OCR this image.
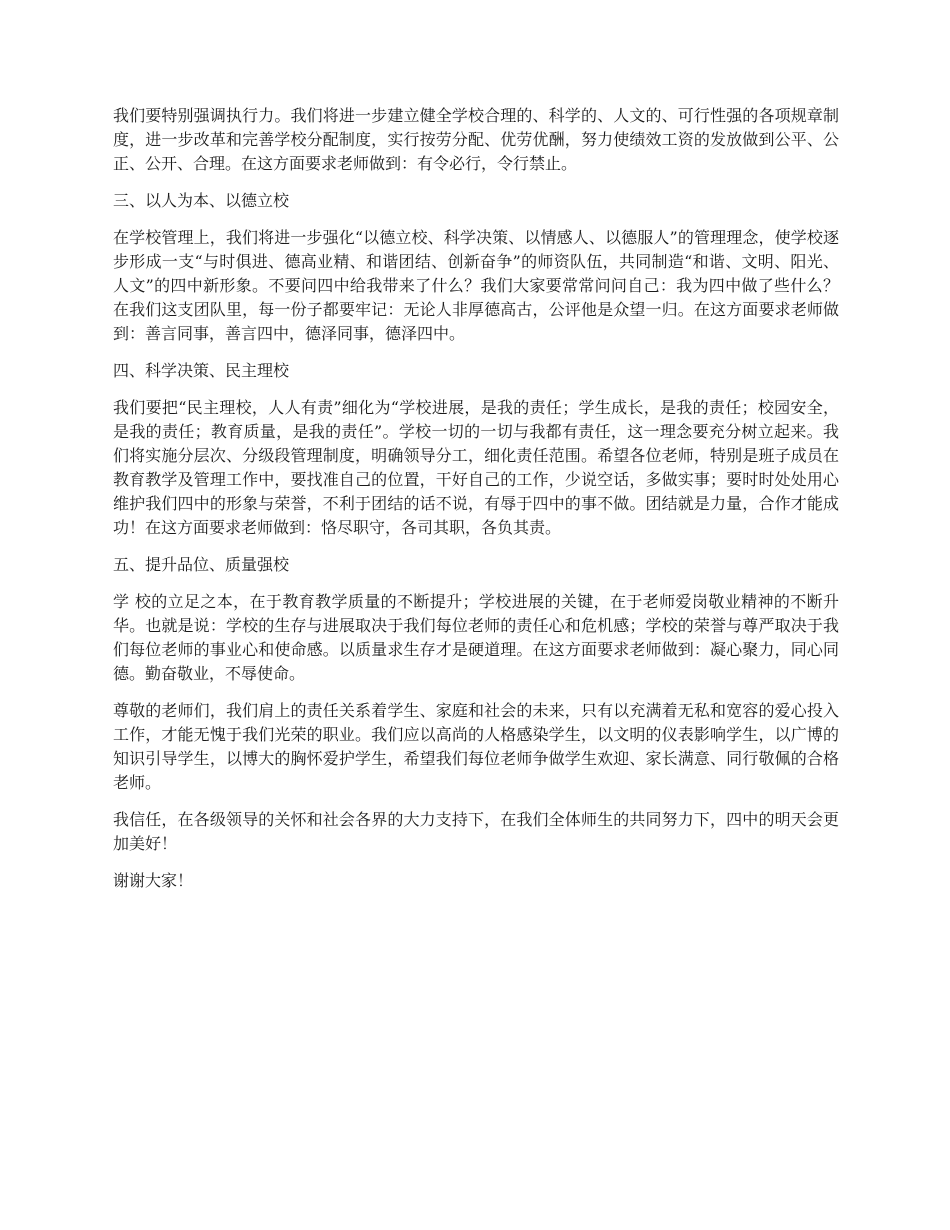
我们要特别强调执行力。我们将进一步建立健全学校合理的、科学的、人文的、可行性强的各项规章制度，进一步改革和完善学校分配制度，实行按劳分配、优劳优酬，努力使绩效工资的发放做到公平、公正、公开、合理。在这方面要求老师做到：有令必行，令行禁止。

三、以人为本、以德立校

在学校管理上，我们将进一步强化“以德立校、科学决策、以情感人、以德服人”的管理理念，使学校逐步形成一支“与时俱进、德高业精、和谐团结、创新奋争”的师资队伍，共同制造“和谐、文明、阳光、人文”的四中新形象。不要问四中给我带来了什么？我们大家要常常问问自己：我为四中做了些什么？在我们这支团队里，每一份子都要牢记：无论人非厚德高古，公评他是众望一归。在这方面要求老师做到：善言同事，善言四中，德泽同事，德泽四中。

四、科学决策、民主理校

我们要把“民主理校，人人有责”细化为“学校进展，是我的责任；学生成长，是我的责任；校园安全，是我的责任；教育质量，是我的责任”。学校一切的一切与我都有责任，这一理念要充分树立起来。我们将实施分层次、分级段管理制度，明确领导分工，细化责任范围。希望各位老师，特别是班子成员在教育教学及管理工作中，要找准自己的位置，干好自己的工作，少说空话，多做实事；要时时处处用心维护我们四中的形象与荣誉，不利于团结的话不说，有辱于四中的事不做。团结就是力量，合作才能成功！在这方面要求老师做到：恪尽职守，各司其职，各负其责。

五、提升品位、质量强校

学 校的立足之本，在于教育教学质量的不断提升；学校进展的关键，在于老师爱岗敬业精神的不断升华。也就是说：学校的生存与进展取决于我们每位老师的责任心和危机感；学校的荣誉与尊严取决于我们每位老师的事业心和使命感。以质量求生存才是硬道理。在这方面要求老师做到：凝心聚力，同心同德。勤奋敬业，不辱使命。

尊敬的老师们，我们肩上的责任关系着学生、家庭和社会的未来，只有以充满着无私和宽容的爱心投入工作，才能无愧于我们光荣的职业。我们应以高尚的人格感染学生，以文明的仪表影响学生，以广博的知识引导学生，以博大的胸怀爱护学生，希望我们每位老师争做学生欢迎、家长满意、同行敬佩的合格老师。

我信任，在各级领导的关怀和社会各界的大力支持下，在我们全体师生的共同努力下，四中的明天会更加美好！

谢谢大家！
